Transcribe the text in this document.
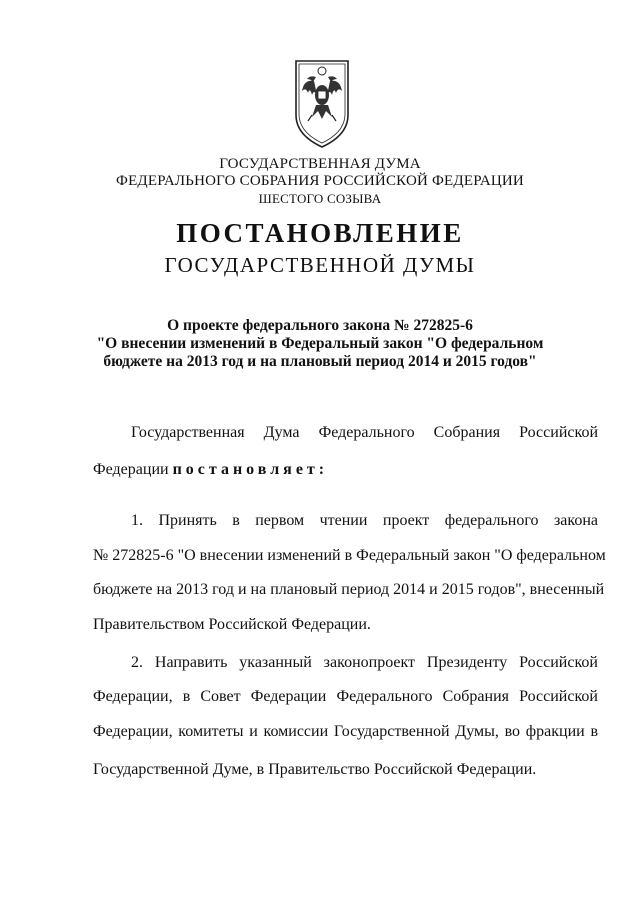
ГОСУДАРСТВЕННАЯ ДУМА
ФЕДЕРАЛЬНОГО СОБРАНИЯ РОССИЙСКОЙ ФЕДЕРАЦИИ
ШЕСТОГО СОЗЫВА
ПОСТАНОВЛЕНИЕ
ГОСУДАРСТВЕННОЙ ДУМЫ
О проекте федерального закона № 272825-6
"О внесении изменений в Федеральный закон "О федеральном
бюджете на 2013 год и на плановый период 2014 и 2015 годов"
Государственная Дума Федерального Собрания Российской
Федерации постановляет:
1. Принять в первом чтении проект федерального закона
№ 272825-6 "О внесении изменений в Федеральный закон "О федеральном
бюджете на 2013 год и на плановый период 2014 и 2015 годов", внесенный
Правительством Российской Федерации.
2. Направить указанный законопроект Президенту Российской
Федерации, в Совет Федерации Федерального Собрания Российской
Федерации, комитеты и комиссии Государственной Думы, во фракции в
Государственной Думе, в Правительство Российской Федерации.
